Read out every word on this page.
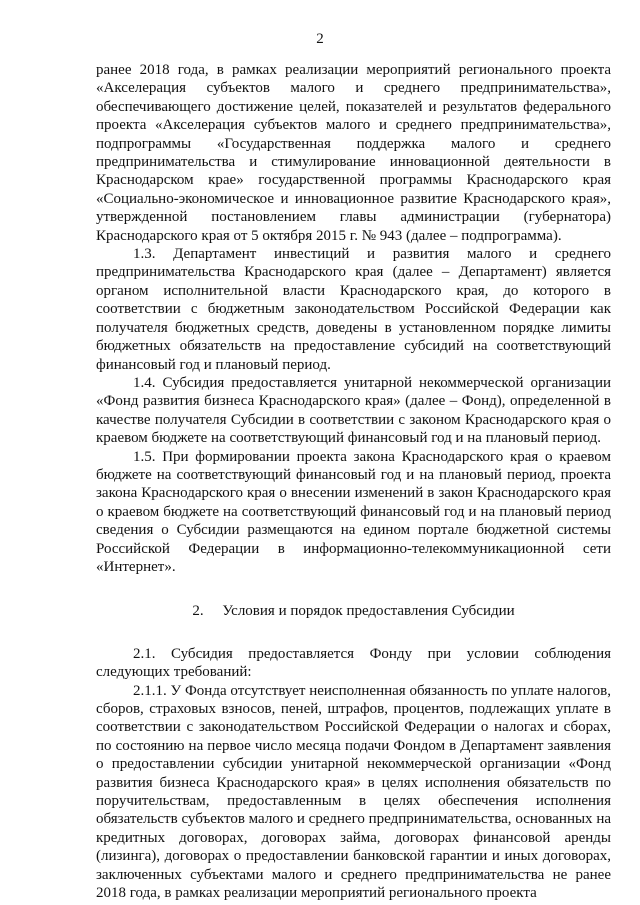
2

ранее 2018 года, в рамках реализации мероприятий регионального проекта «Акселерация субъектов малого и среднего предпринимательства», обеспечивающего достижение целей, показателей и результатов федерального проекта «Акселерация субъектов малого и среднего предпринимательства», подпрограммы «Государственная поддержка малого и среднего предпринимательства и стимулирование инновационной деятельности в Краснодарском крае» государственной программы Краснодарского края «Социально-экономическое и инновационное развитие Краснодарского края», утвержденной постановлением главы администрации (губернатора) Краснодарского края от 5 октября 2015 г. № 943 (далее – подпрограмма).

1.3. Департамент инвестиций и развития малого и среднего предпринимательства Краснодарского края (далее – Департамент) является органом исполнительной власти Краснодарского края, до которого в соответствии с бюджетным законодательством Российской Федерации как получателя бюджетных средств, доведены в установленном порядке лимиты бюджетных обязательств на предоставление субсидий на соответствующий финансовый год и плановый период.

1.4. Субсидия предоставляется унитарной некоммерческой организации «Фонд развития бизнеса Краснодарского края» (далее – Фонд), определенной в качестве получателя Субсидии в соответствии с законом Краснодарского края о краевом бюджете на соответствующий финансовый год и на плановый период.

1.5. При формировании проекта закона Краснодарского края о краевом бюджете на соответствующий финансовый год и на плановый период, проекта закона Краснодарского края о внесении изменений в закон Краснодарского края о краевом бюджете на соответствующий финансовый год и на плановый период сведения о Субсидии размещаются на едином портале бюджетной системы Российской Федерации в информационно-телекоммуникационной сети «Интернет».

2. Условия и порядок предоставления Субсидии

2.1. Субсидия предоставляется Фонду при условии соблюдения следующих требований:

2.1.1. У Фонда отсутствует неисполненная обязанность по уплате налогов, сборов, страховых взносов, пеней, штрафов, процентов, подлежащих уплате в соответствии с законодательством Российской Федерации о налогах и сборах, по состоянию на первое число месяца подачи Фондом в Департамент заявления о предоставлении субсидии унитарной некоммерческой организации «Фонд развития бизнеса Краснодарского края» в целях исполнения обязательств по поручительствам, предоставленным в целях обеспечения исполнения обязательств субъектов малого и среднего предпринимательства, основанных на кредитных договорах, договорах займа, договорах финансовой аренды (лизинга), договорах о предоставлении банковской гарантии и иных договорах, заключенных субъектами малого и среднего предпринимательства не ранее 2018 года, в рамках реализации мероприятий регионального проекта
